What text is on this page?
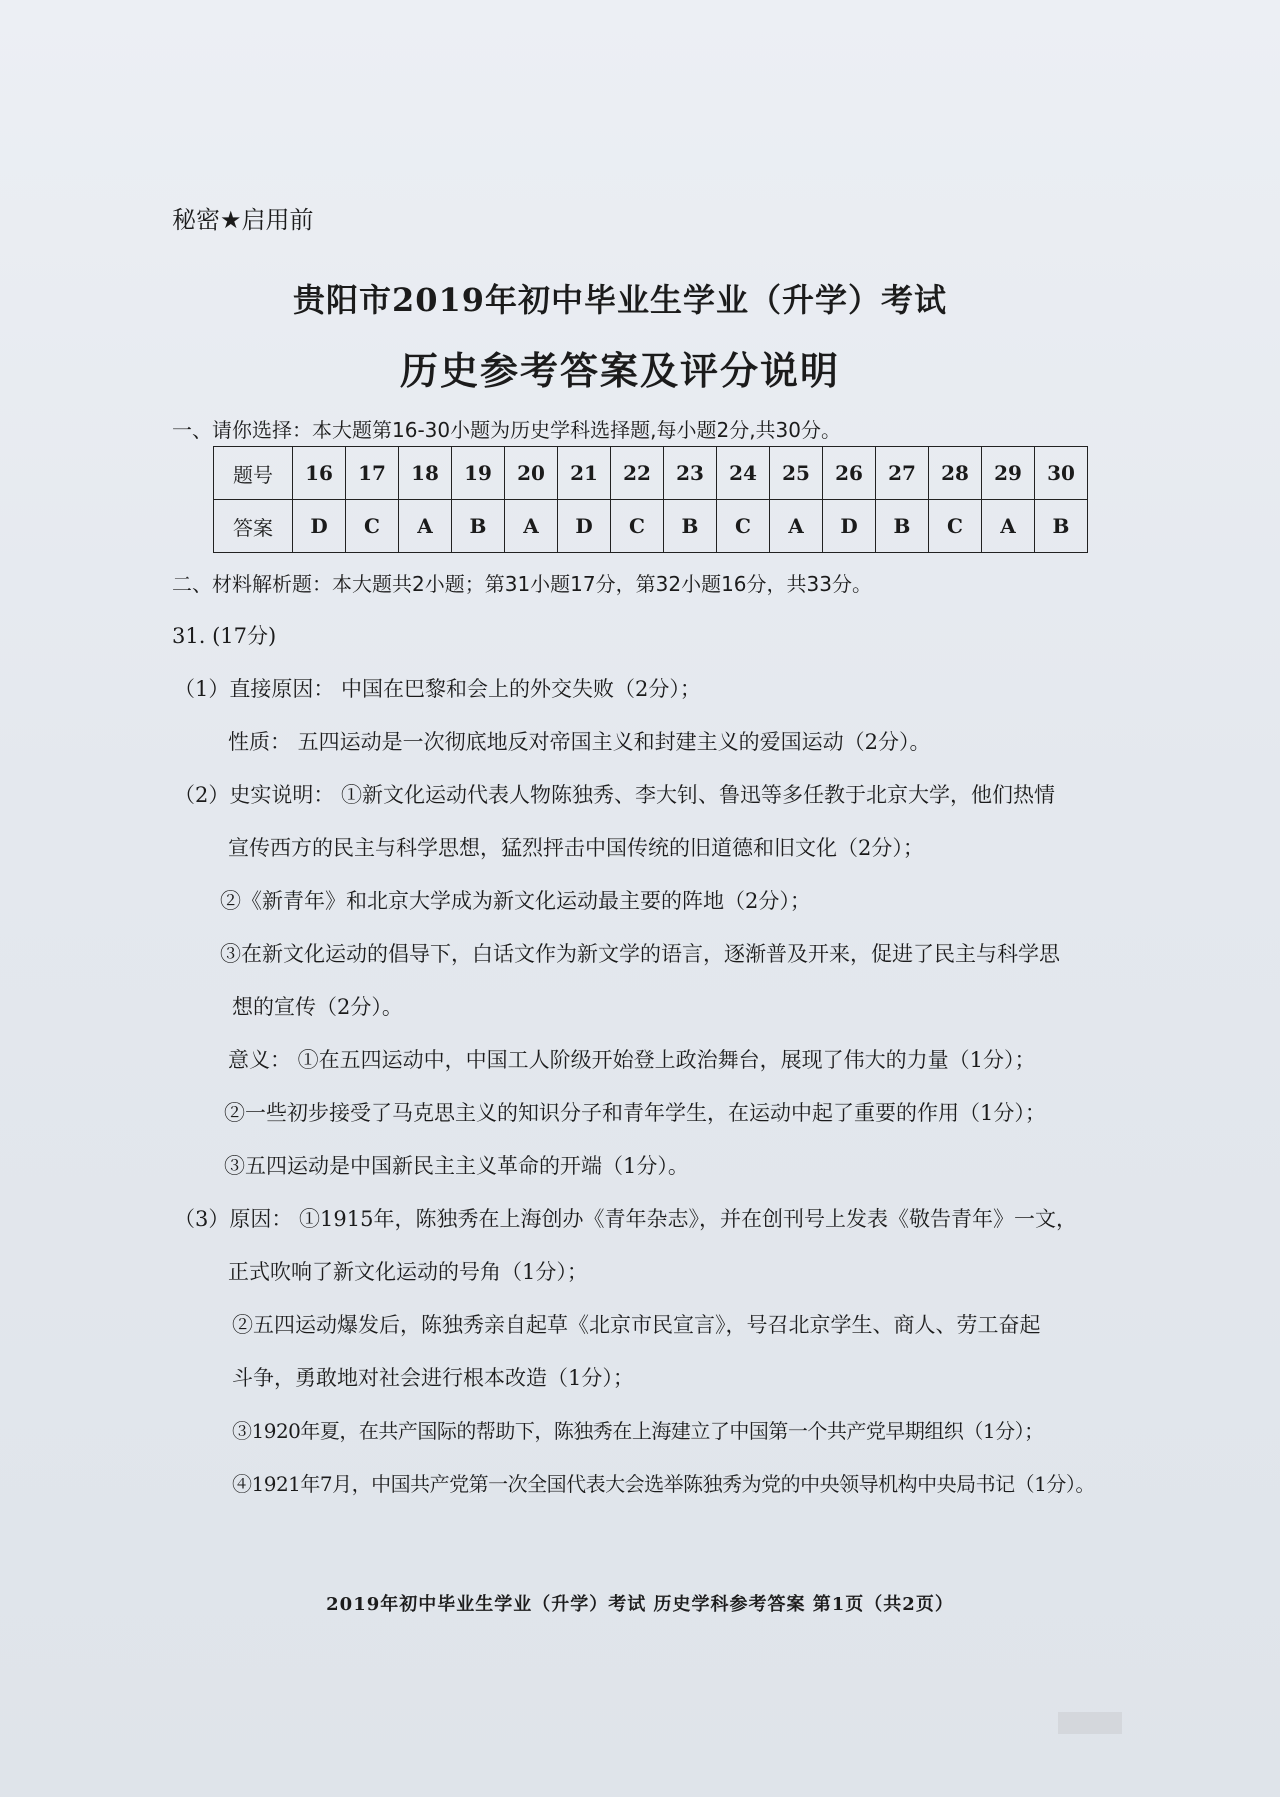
秘密★启用前
贵阳市2019年初中毕业生学业（升学）考试
历史参考答案及评分说明
一、请你选择：本大题第16-30小题为历史学科选择题,每小题2分,共30分。
题号	16	17	18	19	20	21	22	23	24	25	26	27	28	29	30
答案	D	C	A	B	A	D	C	B	C	A	D	B	C	A	B
二、材料解析题：本大题共2小题；第31小题17分，第32小题16分，共33分。
31. (17分)
（1）直接原因： 中国在巴黎和会上的外交失败（2分）；
性质： 五四运动是一次彻底地反对帝国主义和封建主义的爱国运动（2分）。
（2）史实说明： ①新文化运动代表人物陈独秀、李大钊、鲁迅等多任教于北京大学，他们热情
宣传西方的民主与科学思想，猛烈抨击中国传统的旧道德和旧文化（2分）；
②《新青年》和北京大学成为新文化运动最主要的阵地（2分）；
③在新文化运动的倡导下，白话文作为新文学的语言，逐渐普及开来，促进了民主与科学思
想的宣传（2分）。
意义： ①在五四运动中，中国工人阶级开始登上政治舞台，展现了伟大的力量（1分）；
②一些初步接受了马克思主义的知识分子和青年学生，在运动中起了重要的作用（1分）；
③五四运动是中国新民主主义革命的开端（1分）。
（3）原因： ①1915年，陈独秀在上海创办《青年杂志》，并在创刊号上发表《敬告青年》一文，
正式吹响了新文化运动的号角（1分）；
②五四运动爆发后，陈独秀亲自起草《北京市民宣言》，号召北京学生、商人、劳工奋起
斗争，勇敢地对社会进行根本改造（1分）；
③1920年夏，在共产国际的帮助下，陈独秀在上海建立了中国第一个共产党早期组织（1分）；
④1921年7月，中国共产党第一次全国代表大会选举陈独秀为党的中央领导机构中央局书记（1分）。
2019年初中毕业生学业（升学）考试 历史学科参考答案 第1页（共2页）
